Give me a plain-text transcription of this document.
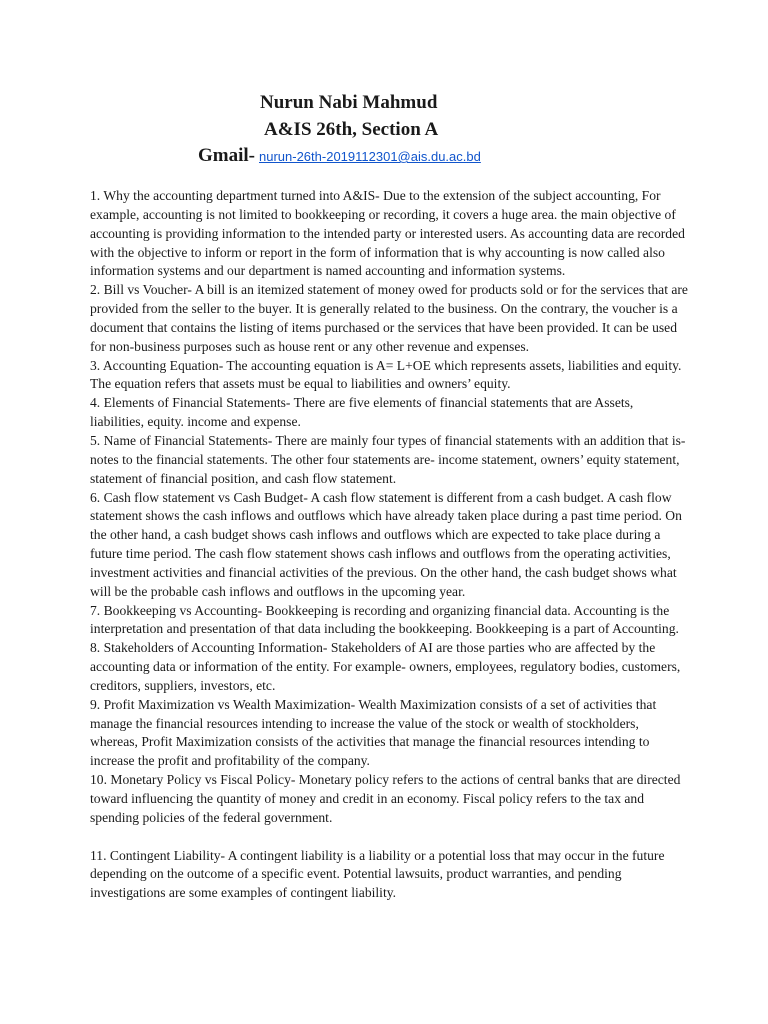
Nurun Nabi Mahmud
A&IS 26th, Section A
Gmail- nurun-26th-2019112301@ais.du.ac.bd

1. Why the accounting department turned into A&IS- Due to the extension of the subject accounting, For example, accounting is not limited to bookkeeping or recording, it covers a huge area. the main objective of accounting is providing information to the intended party or interested users. As accounting data are recorded with the objective to inform or report in the form of information that is why accounting is now called also information systems and our department is named accounting and information systems.

2. Bill vs Voucher- A bill is an itemized statement of money owed for products sold or for the services that are provided from the seller to the buyer. It is generally related to the business. On the contrary, the voucher is a document that contains the listing of items purchased or the services that have been provided. It can be used for non-business purposes such as house rent or any other revenue and expenses.

3. Accounting Equation- The accounting equation is A= L+OE which represents assets, liabilities and equity. The equation refers that assets must be equal to liabilities and owners’ equity.

4. Elements of Financial Statements- There are five elements of financial statements that are Assets, liabilities, equity. income and expense.

5. Name of Financial Statements- There are mainly four types of financial statements with an addition that is- notes to the financial statements. The other four statements are- income statement, owners’ equity statement, statement of financial position, and cash flow statement.

6. Cash flow statement vs Cash Budget- A cash flow statement is different from a cash budget. A cash flow statement shows the cash inflows and outflows which have already taken place during a past time period. On the other hand, a cash budget shows cash inflows and outflows which are expected to take place during a future time period. The cash flow statement shows cash inflows and outflows from the operating activities, investment activities and financial activities of the previous. On the other hand, the cash budget shows what will be the probable cash inflows and outflows in the upcoming year.

7. Bookkeeping vs Accounting- Bookkeeping is recording and organizing financial data. Accounting is the interpretation and presentation of that data including the bookkeeping. Bookkeeping is a part of Accounting.

8. Stakeholders of Accounting Information- Stakeholders of AI are those parties who are affected by the accounting data or information of the entity. For example- owners, employees, regulatory bodies, customers, creditors, suppliers, investors, etc.

9. Profit Maximization vs Wealth Maximization- Wealth Maximization consists of a set of activities that manage the financial resources intending to increase the value of the stock or wealth of stockholders, whereas, Profit Maximization consists of the activities that manage the financial resources intending to increase the profit and profitability of the company.

10. Monetary Policy vs Fiscal Policy- Monetary policy refers to the actions of central banks that are directed toward influencing the quantity of money and credit in an economy. Fiscal policy refers to the tax and spending policies of the federal government.

11. Contingent Liability- A contingent liability is a liability or a potential loss that may occur in the future depending on the outcome of a specific event. Potential lawsuits, product warranties, and pending investigations are some examples of contingent liability.
